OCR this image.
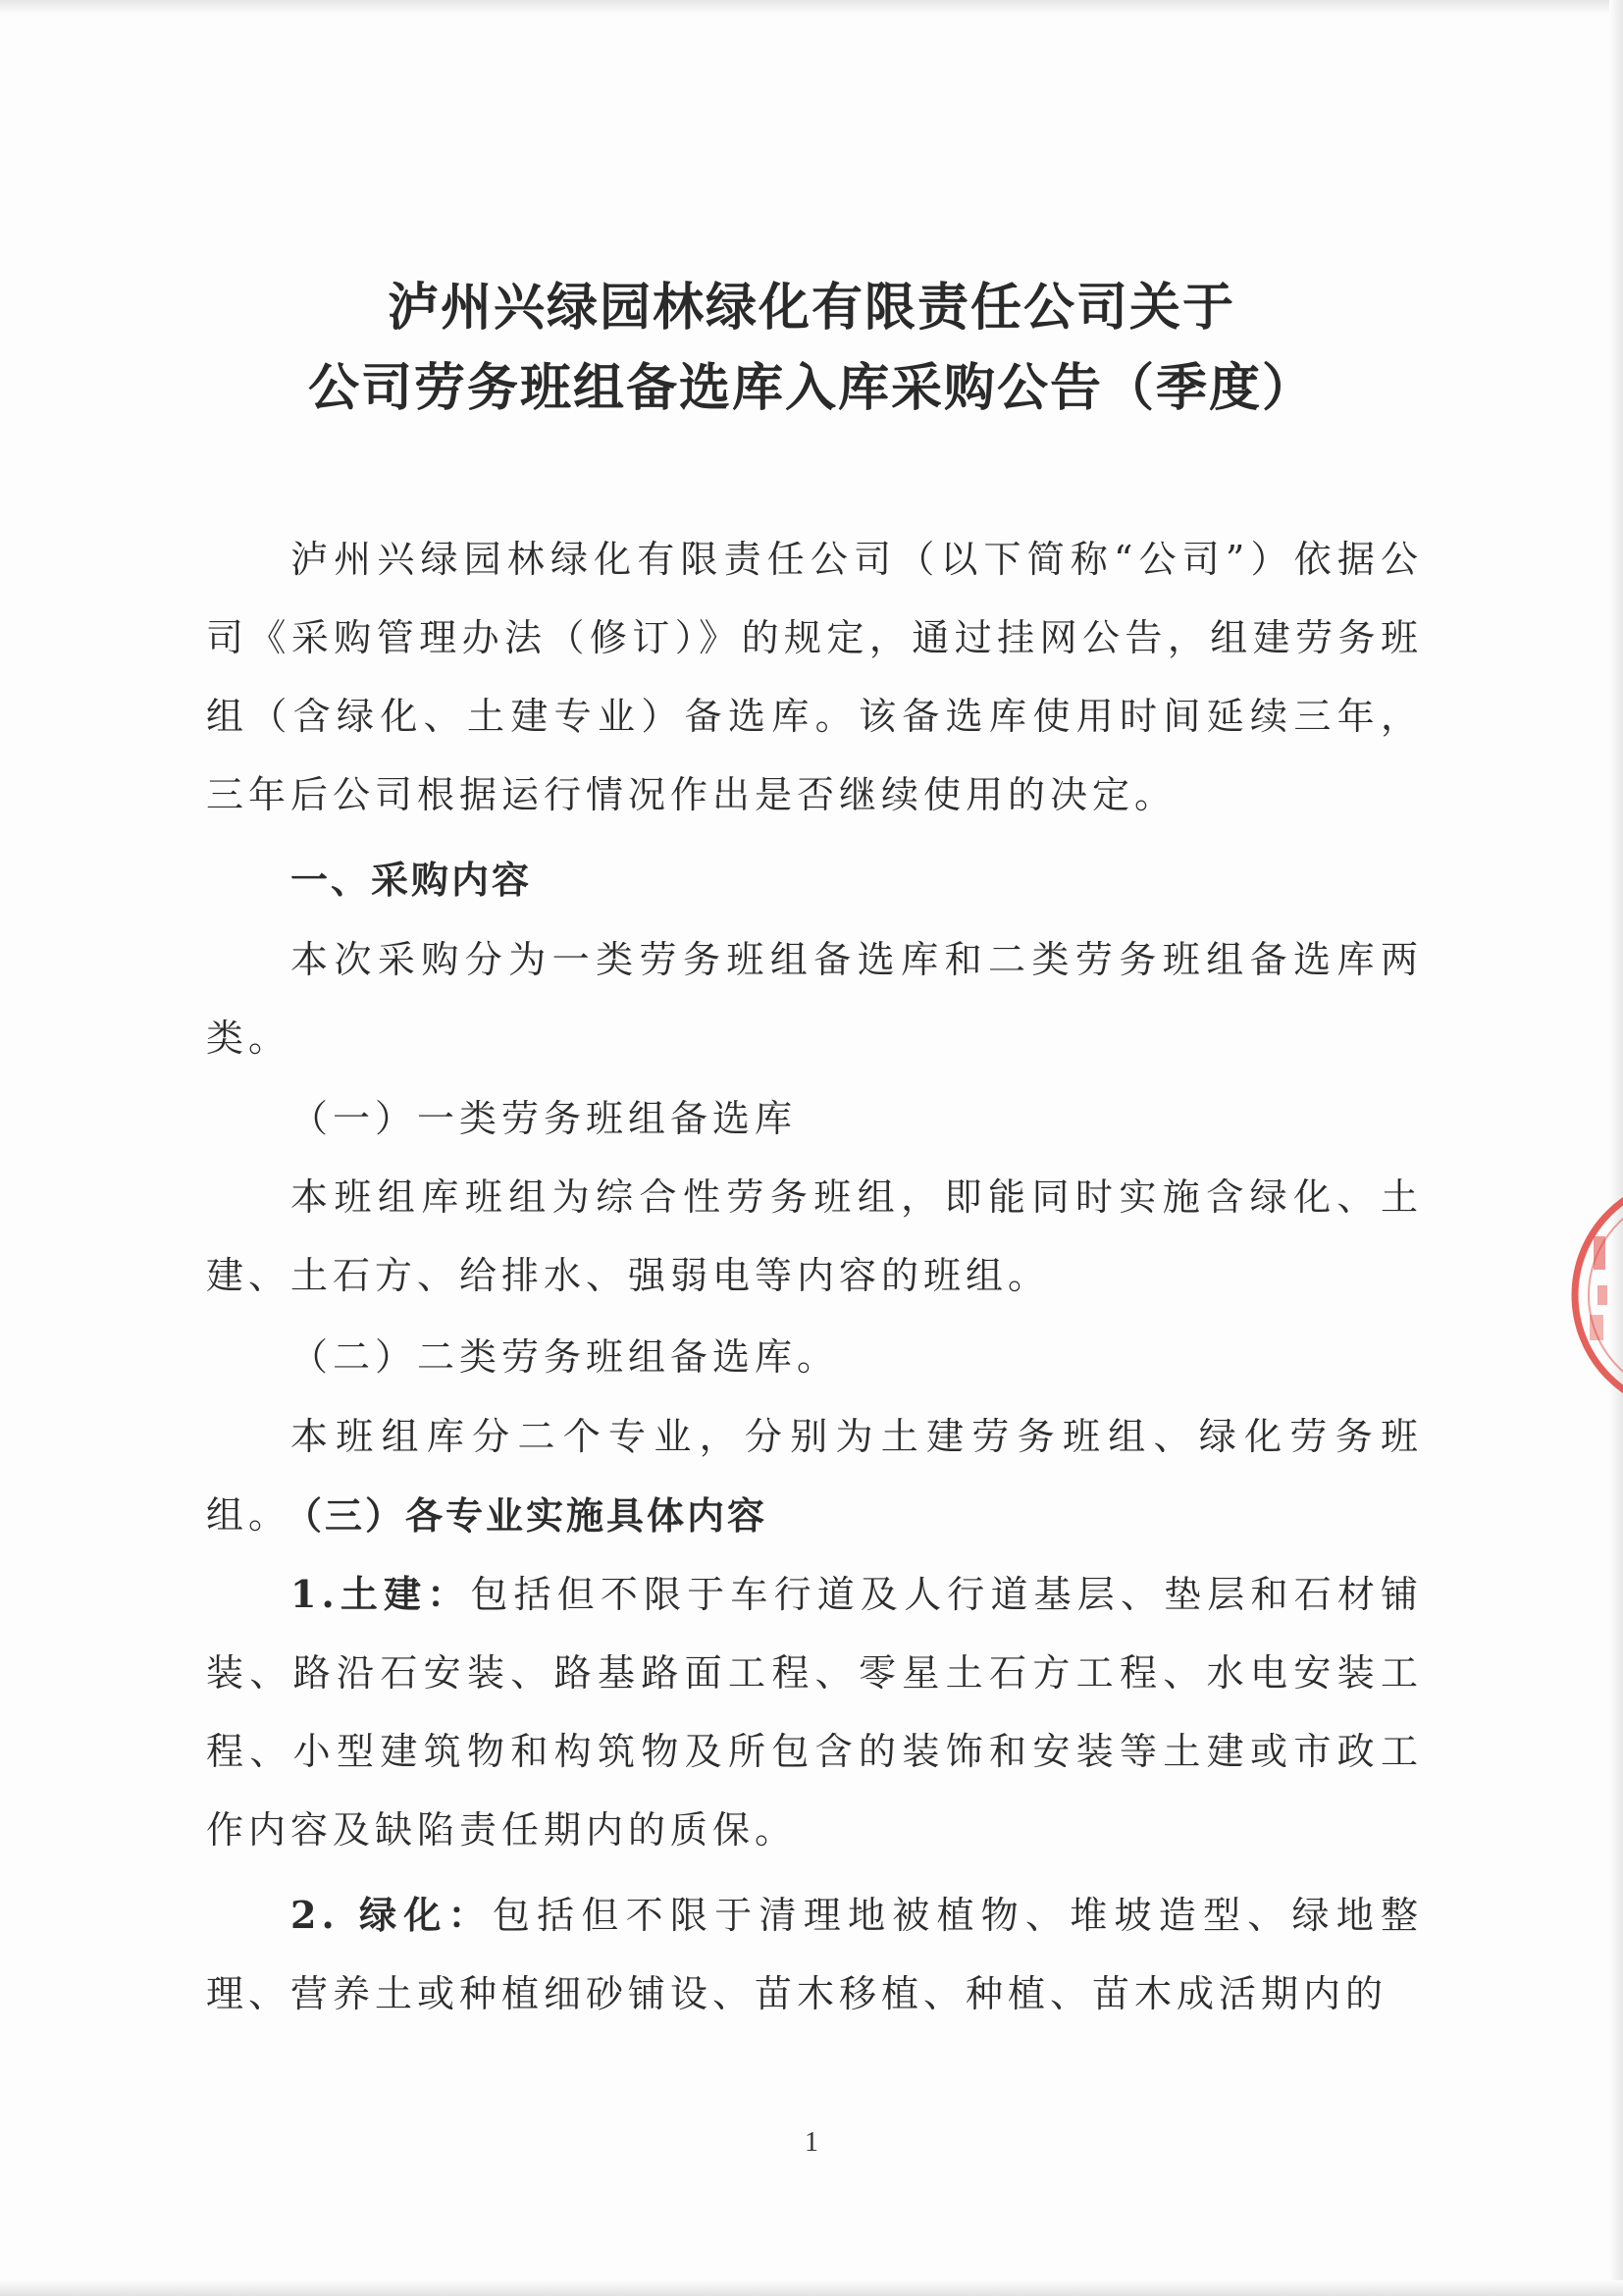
泸州兴绿园林绿化有限责任公司关于
公司劳务班组备选库入库采购公告（季度）

泸州兴绿园林绿化有限责任公司（以下简称“公司”）依据公司《采购管理办法（修订）》的规定，通过挂网公告，组建劳务班组（含绿化、土建专业）备选库。该备选库使用时间延续三年，三年后公司根据运行情况作出是否继续使用的决定。

一、采购内容

本次采购分为一类劳务班组备选库和二类劳务班组备选库两类。

（一）一类劳务班组备选库

本班组库班组为综合性劳务班组，即能同时实施含绿化、土建、土石方、给排水、强弱电等内容的班组。

（二）二类劳务班组备选库。

本班组库分二个专业，分别为土建劳务班组、绿化劳务班组。

（三）各专业实施具体内容

1.土建：包括但不限于车行道及人行道基层、垫层和石材铺装、路沿石安装、路基路面工程、零星土石方工程、水电安装工程、小型建筑物和构筑物及所包含的装饰和安装等土建或市政工作内容及缺陷责任期内的质保。

2. 绿化：包括但不限于清理地被植物、堆坡造型、绿地整理、营养土或种植细砂铺设、苗木移植、种植、苗木成活期内的

1
